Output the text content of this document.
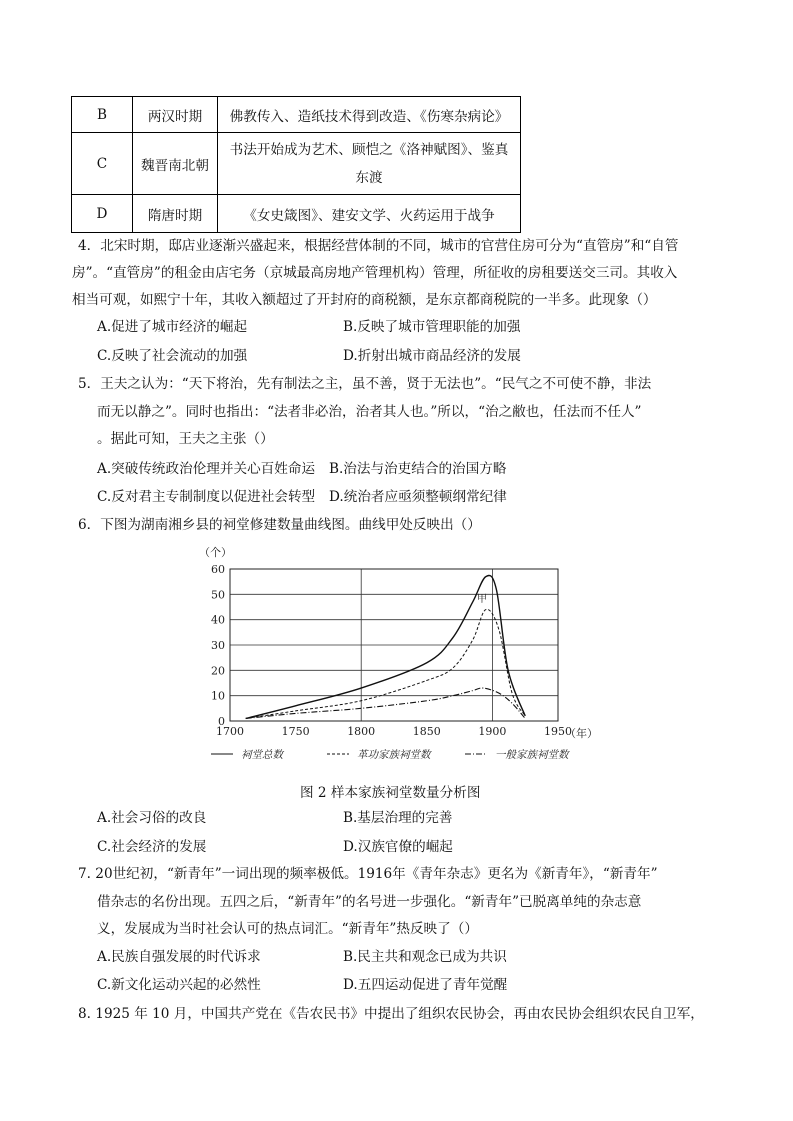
B	两汉时期	佛教传入、造纸技术得到改造、《伤寒杂病论》
C	魏晋南北朝	书法开始成为艺术、顾恺之《洛神赋图》、鉴真东渡
D	隋唐时期	《女史箴图》、建安文学、火药运用于战争
4．北宋时期，邸店业逐渐兴盛起来，根据经营体制的不同，城市的官营住房可分为“直管房”和“自管
房”。“直管房”的租金由店宅务（京城最高房地产管理机构）管理，所征收的房租要送交三司。其收入
相当可观，如熙宁十年，其收入额超过了开封府的商税额，是东京都商税院的一半多。此现象（）
A.促进了城市经济的崛起	B.反映了城市管理职能的加强
C.反映了社会流动的加强	D.折射出城市商品经济的发展
5．王夫之认为：“天下将治，先有制法之主，虽不善，贤于无法也”。“民气之不可使不静，非法
而无以静之”。同时也指出：“法者非必治，治者其人也。”所以，“治之敝也，任法而不任人”
。据此可知，王夫之主张（）
A.突破传统政治伦理并关心百姓命运 B.治法与治吏结合的治国方略
C.反对君主专制制度以促进社会转型 D.统治者应亟须整顿纲常纪律
6．下图为湖南湘乡县的祠堂修建数量曲线图。曲线甲处反映出（）
0
10
20
30
40
50
60
1700	1750	1800	1850	1900	1950
祠堂总数	革功家族祠堂数	一般家族祠堂数
（个）
（年）
甲
图 2 样本家族祠堂数量分析图
A.社会习俗的改良	B.基层治理的完善
C.社会经济的发展	D.汉族官僚的崛起
7. 20世纪初，“新青年”一词出现的频率极低。1916年《青年杂志》更名为《新青年》，“新青年”
借杂志的名份出现。五四之后，“新青年”的名号进一步强化。“新青年”已脱离单纯的杂志意
义，发展成为当时社会认可的热点词汇。“新青年”热反映了（）
A.民族自强发展的时代诉求	B.民主共和观念已成为共识
C.新文化运动兴起的必然性	D.五四运动促进了青年觉醒
8. 1925 年 10 月，中国共产党在《告农民书》中提出了组织农民协会，再由农民协会组织农民自卫军，
